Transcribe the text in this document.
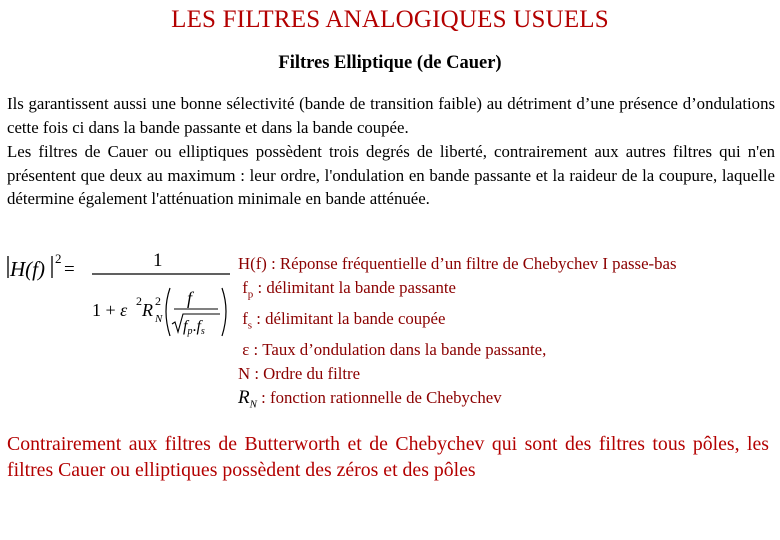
LES FILTRES ANALOGIQUES USUELS
Filtres Elliptique (de Cauer)
Ils garantissent aussi une bonne sélectivité (bande de transition faible) au détriment d’une présence d’ondulations cette fois ci dans la bande passante et dans la bande coupée.
Les filtres de Cauer ou elliptiques possèdent trois degrés de liberté, contrairement aux autres filtres qui n'en présentent que deux au maximum : leur ordre, l'ondulation en bande passante et la raideur de la coupure, laquelle détermine également l'atténuation minimale en bande atténuée.
H(f) 2
=	1
1 + ε 2 R 2
N
f
fp.fs
H(f) : Réponse fréquentielle d’un filtre de Chebychev I passe-bas
$f_p$ : délimitant la bande passante
$f_s$ : délimitant la bande coupée
ε : Taux d’ondulation dans la bande passante,
N : Ordre du filtre
$R_N$ : fonction rationnelle de Chebychev
Contrairement aux filtres de Butterworth et de Chebychev qui sont des filtres tous pôles, les filtres Cauer ou elliptiques possèdent des zéros et des pôles
